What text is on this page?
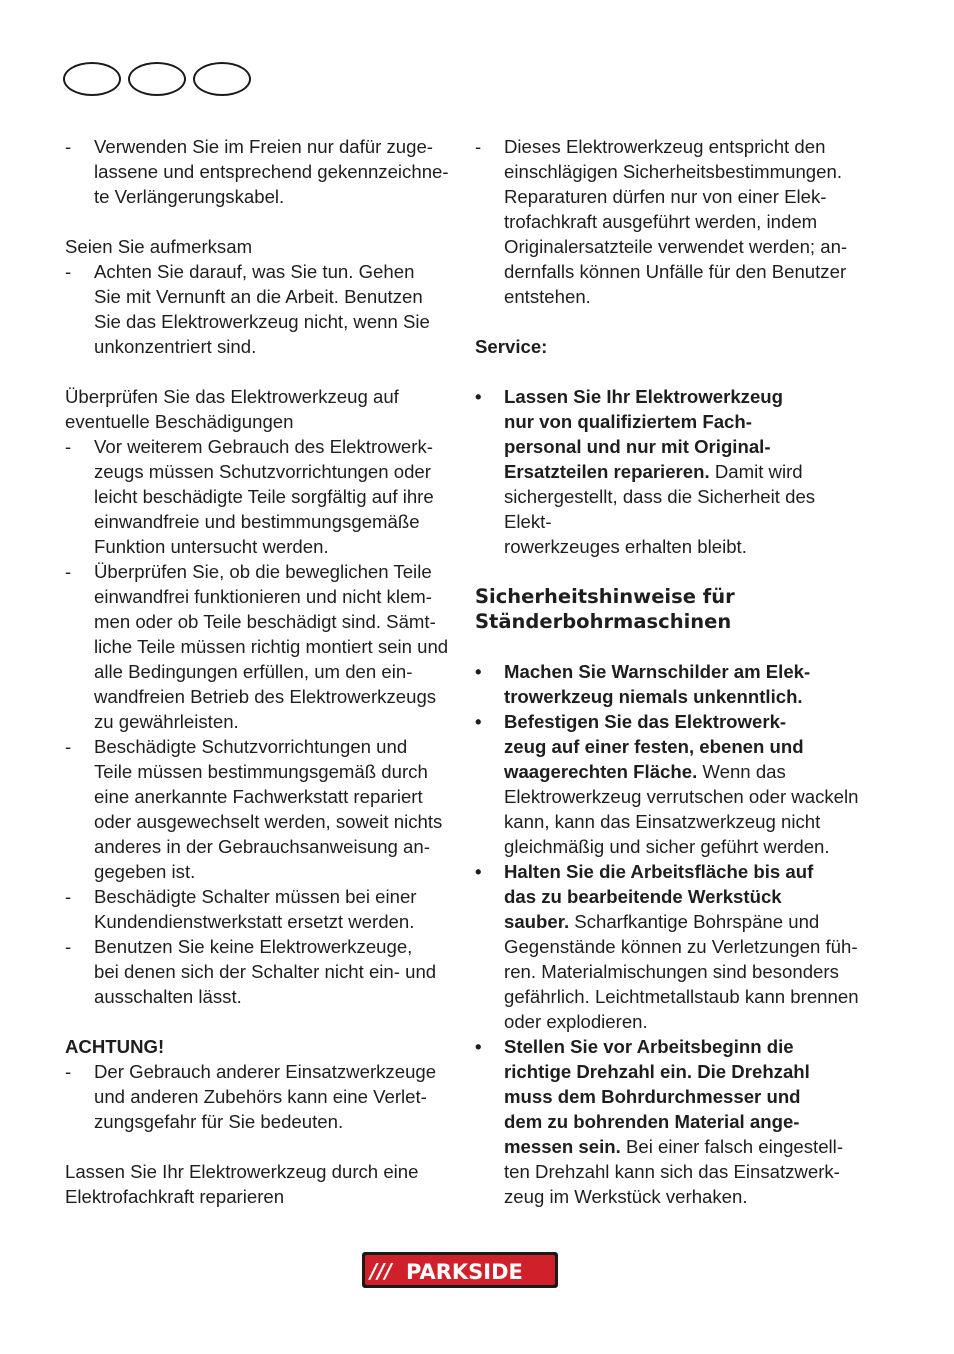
- Verwenden Sie im Freien nur dafür zuge-
lassene und entsprechend gekennzeichne-
te Verlängerungskabel.
Seien Sie aufmerksam
- Achten Sie darauf, was Sie tun. Gehen
Sie mit Vernunft an die Arbeit. Benutzen
Sie das Elektrowerkzeug nicht, wenn Sie
unkonzentriert sind.
Überprüfen Sie das Elektrowerkzeug auf
eventuelle Beschädigungen
- Vor weiterem Gebrauch des Elektrowerk-
zeugs müssen Schutzvorrichtungen oder
leicht beschädigte Teile sorgfältig auf ihre
einwandfreie und bestimmungsgemäße
Funktion untersucht werden.
- Überprüfen Sie, ob die beweglichen Teile
einwandfrei funktionieren und nicht klem-
men oder ob Teile beschädigt sind. Sämt-
liche Teile müssen richtig montiert sein und
alle Bedingungen erfüllen, um den ein-
wandfreien Betrieb des Elektrowerkzeugs
zu gewährleisten.
- Beschädigte Schutzvorrichtungen und
Teile müssen bestimmungsgemäß durch
eine anerkannte Fachwerkstatt repariert
oder ausgewechselt werden, soweit nichts
anderes in der Gebrauchsanweisung an-
gegeben ist.
- Beschädigte Schalter müssen bei einer
Kundendienstwerkstatt ersetzt werden.
- Benutzen Sie keine Elektrowerkzeuge,
bei denen sich der Schalter nicht ein- und
ausschalten lässt.
ACHTUNG!
- Der Gebrauch anderer Einsatzwerkzeuge
und anderen Zubehörs kann eine Verlet-
zungsgefahr für Sie bedeuten.
Lassen Sie Ihr Elektrowerkzeug durch eine
Elektrofachkraft reparieren
- Dieses Elektrowerkzeug entspricht den
einschlägigen Sicherheitsbestimmungen.
Reparaturen dürfen nur von einer Elek-
trofachkraft ausgeführt werden, indem
Originalersatzteile verwendet werden; an-
dernfalls können Unfälle für den Benutzer
entstehen.
Service:
• Lassen Sie Ihr Elektrowerkzeug
nur von qualifiziertem Fach-
personal und nur mit Original-
Ersatzteilen reparieren. Damit wird
sichergestellt, dass die Sicherheit des Elekt-
rowerkzeuges erhalten bleibt.
Sicherheitshinweise für
Ständerbohrmaschinen
• Machen Sie Warnschilder am Elek-
trowerkzeug niemals unkenntlich.
• Befestigen Sie das Elektrowerk-
zeug auf einer festen, ebenen und
waagerechten Fläche. Wenn das
Elektrowerkzeug verrutschen oder wackeln
kann, kann das Einsatzwerkzeug nicht
gleichmäßig und sicher geführt werden.
• Halten Sie die Arbeitsfläche bis auf
das zu bearbeitende Werkstück
sauber. Scharfkantige Bohrspäne und
Gegenstände können zu Verletzungen füh-
ren. Materialmischungen sind besonders
gefährlich. Leichtmetallstaub kann brennen
oder explodieren.
• Stellen Sie vor Arbeitsbeginn die
richtige Drehzahl ein. Die Drehzahl
muss dem Bohrdurchmesser und
dem zu bohrenden Material ange-
messen sein. Bei einer falsch eingestell-
ten Drehzahl kann sich das Einsatzwerk-
zeug im Werkstück verhaken.
/// PARKSIDE
